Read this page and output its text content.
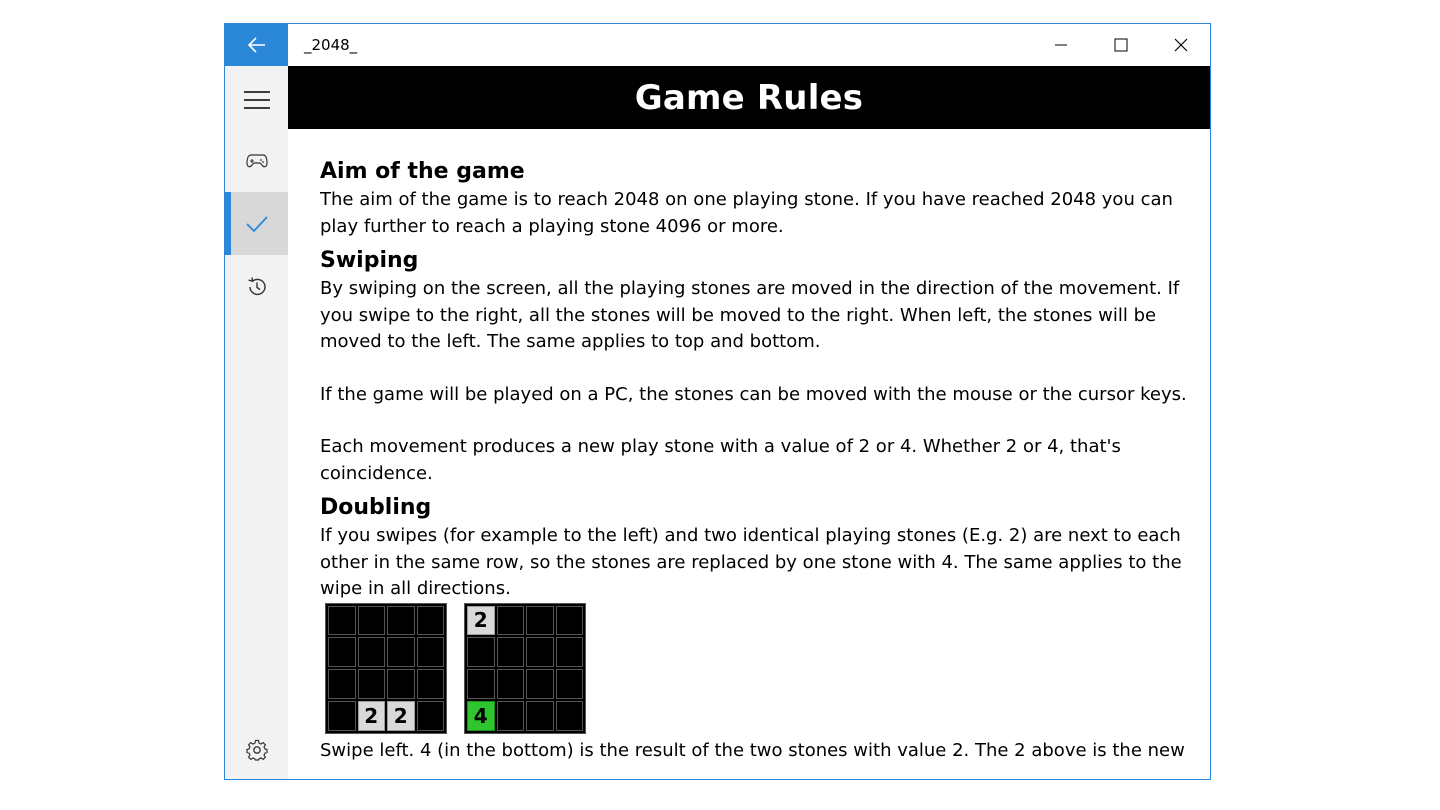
_2048_
Game Rules
Aim of the game

The aim of the game is to reach 2048 on one playing stone. If you have reached 2048 you can play further to reach a playing stone 4096 or more.

Swiping

By swiping on the screen, all the playing stones are moved in the direction of the movement. If you swipe to the right, all the stones will be moved to the right. When left, the stones will be moved to the left. The same applies to top and bottom.

If the game will be played on a PC, the stones can be moved with the mouse or the cursor keys.

Each movement produces a new play stone with a value of 2 or 4. Whether 2 or 4, that's coincidence.

Doubling

If you swipes (for example to the left) and two identical playing stones (E.g. 2) are next to each other in the same row, so the stones are replaced by one stone with 4. The same applies to the wipe in all directions.

2 2
2
4

Swipe left. 4 (in the bottom) is the result of the two stones with value 2. The 2 above is the new
